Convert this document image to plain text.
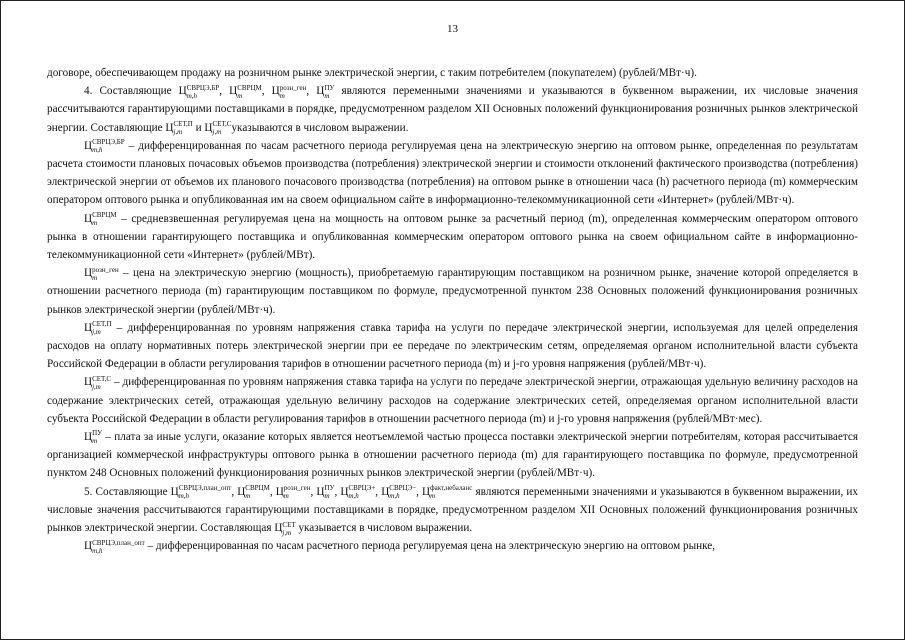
13

договоре, обеспечивающем продажу на розничном рынке электрической энергии, с таким потребителем (покупателем) (рублей/МВт·ч).

4. Составляющие Ц СВРЦЭ,БР
m,h	, Ц СВРЦМ
m	, Ц розн_ген
m	, Ц ПУ
m являются переменными значениями и указываются в буквенном выражении, их числовые значения рассчитываются гарантирующими поставщиками в порядке, предусмотренном разделом XII Основных положений функционирования розничных рынков электрической энергии. Составляющие Ц СЕТ,П
j,m и Ц СЕТ,С
j,m указываются в числовом выражении.

Ц СВРЦЭ,БР
m,h	– дифференцированная по часам расчетного периода регулируемая цена на электрическую энергию на оптовом рынке, определенная по результатам расчета стоимости плановых почасовых объемов производства (потребления) электрической энергии и стоимости отклонений фактического производства (потребления) электрической энергии от объемов их планового почасового производства (потребления) на оптовом рынке в отношении часа (h) расчетного периода (m) коммерческим оператором оптового рынка и опубликованная им на своем официальном сайте в информационно-телекоммуникационной сети «Интернет» (рублей/МВт·ч).

Ц СВРЦМ
m	– средневзвешенная регулируемая цена на мощность на оптовом рынке за расчетный период (m), определенная коммерческим оператором оптового рынка в отношении гарантирующего поставщика и опубликованная коммерческим оператором оптового рынка на своем официальном сайте в информационно-телекоммуникационной сети «Интернет» (рублей/МВт).

Ц розн_ген
m	– цена на электрическую энергию (мощность), приобретаемую гарантирующим поставщиком на розничном рынке, значение которой определяется в отношении расчетного периода (m) гарантирующим поставщиком по формуле, предусмотренной пунктом 238 Основных положений функционирования розничных рынков электрической энергии (рублей/МВт·ч).

Ц СЕТ,П
j,m – дифференцированная по уровням напряжения ставка тарифа на услуги по передаче электрической энергии, используемая для целей определения расходов на оплату нормативных потерь электрической энергии при ее передаче по электрическим сетям, определяемая органом исполнительной власти субъекта Российской Федерации в области регулирования тарифов в отношении расчетного периода (m) и j-го уровня напряжения (рублей/МВт·ч).

Ц СЕТ,С
j,m – дифференцированная по уровням напряжения ставка тарифа на услуги по передаче электрической энергии, отражающая удельную величину расходов на содержание электрических сетей, отражающая удельную величину расходов на содержание электрических сетей, определяемая органом исполнительной власти субъекта Российской Федерации в области регулирования тарифов в отношении расчетного периода (m) и j-го уровня напряжения (рублей/МВт·мес).

Ц ПУ
m – плата за иные услуги, оказание которых является неотъемлемой частью процесса поставки электрической энергии потребителям, которая рассчитывается организацией коммерческой инфраструктуры оптового рынка в отношении расчетного периода (m) для гарантирующего поставщика по формуле, предусмотренной пунктом 248 Основных положений функционирования розничных рынков электрической энергии (рублей/МВт·ч).

5. Составляющие Ц СВРЦЭ,план_опт
m,h	, Ц СВРЦМ
m	, Ц розн_ген
m	, Ц ПУ
m , Ц СВРЦЭ+
m,h	, Ц СВРЦЭ−
m,h	, Ц факт,небаланс
m	являются переменными значениями и указываются в буквенном выражении, их числовые значения рассчитываются гарантирующими поставщиками в порядке, предусмотренном разделом XII Основных положений функционирования розничных рынков электрической энергии. Составляющая Ц СЕТ
j,m указывается в числовом выражении.

Ц СВРЦЭ,план_опт
m,h	– дифференцированная по часам расчетного периода регулируемая цена на электрическую энергию на оптовом рынке,
